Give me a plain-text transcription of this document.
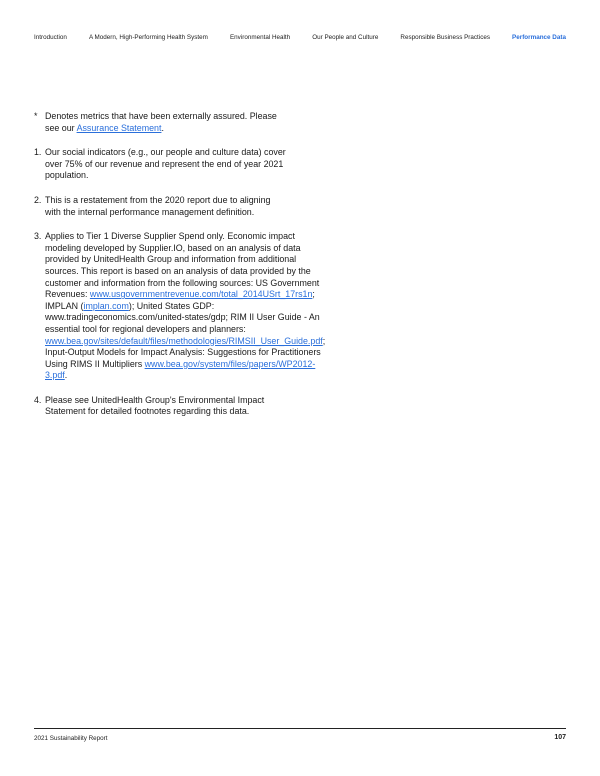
Introduction	A Modern, High-Performing Health System	Environmental Health	Our People and Culture	Responsible Business Practices	Performance Data
* Denotes metrics that have been externally assured. Please see our Assurance Statement.
1. Our social indicators (e.g., our people and culture data) cover over 75% of our revenue and represent the end of year 2021 population.
2. This is a restatement from the 2020 report due to aligning with the internal performance management definition.
3. Applies to Tier 1 Diverse Supplier Spend only. Economic impact modeling developed by Supplier.IO, based on an analysis of data provided by UnitedHealth Group and information from additional sources. This report is based on an analysis of data provided by the customer and information from the following sources: US Government Revenues: www.usgovernmentrevenue.com/total_2014USrt_17rs1n; IMPLAN (implan.com); United States GDP: www.tradingeconomics.com/united-states/gdp; RIM II User Guide - An essential tool for regional developers and planners: www.bea.gov/sites/default/files/methodologies/RIMSII_User_Guide.pdf; Input-Output Models for Impact Analysis: Suggestions for Practitioners Using RIMS II Multipliers www.bea.gov/system/files/papers/WP2012-3.pdf.
4. Please see UnitedHealth Group's Environmental Impact Statement for detailed footnotes regarding this data.
2021 Sustainability Report	107
